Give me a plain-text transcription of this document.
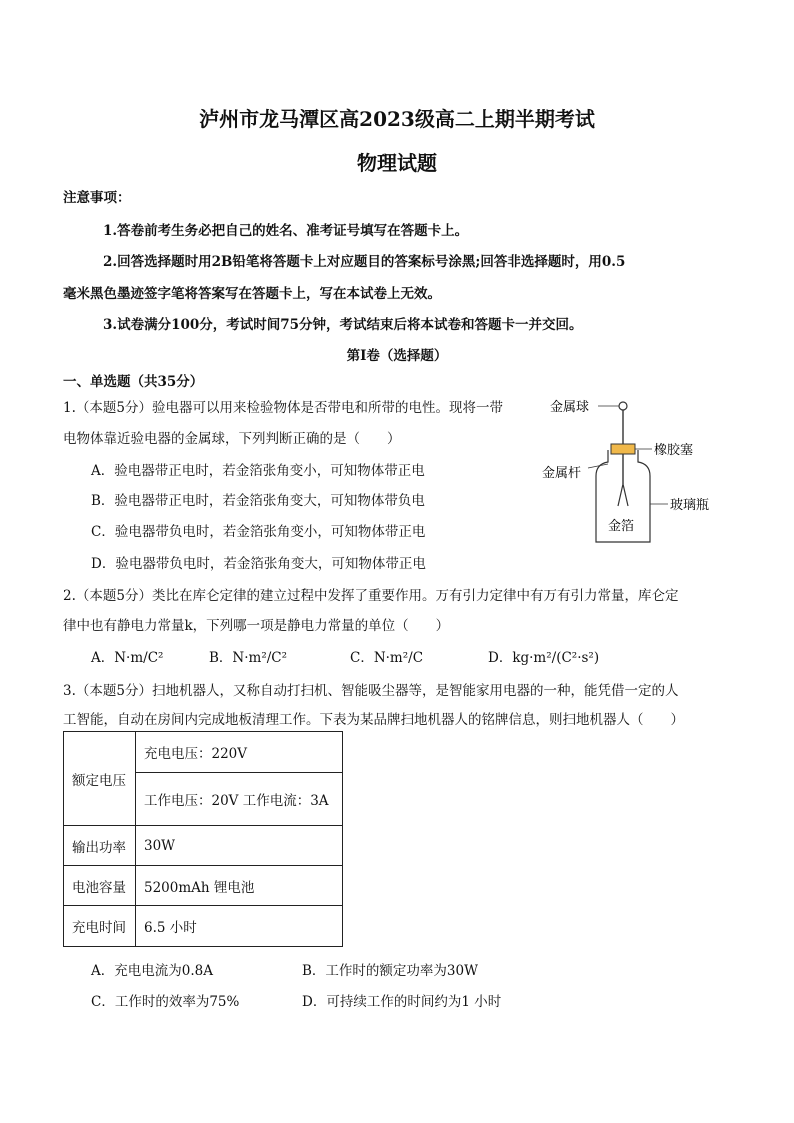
泸州市龙马潭区高2023级高二上期半期考试
物理试题
注意事项：
1.答卷前考生务必把自己的姓名、准考证号填写在答题卡上。
2.回答选择题时用2B铅笔将答题卡上对应题目的答案标号涂黑;回答非选择题时，用0.5
毫米黑色墨迹签字笔将答案写在答题卡上，写在本试卷上无效。
3.试卷满分100分，考试时间75分钟，考试结束后将本试卷和答题卡一并交回。
第Ⅰ卷（选择题）
一、单选题（共35分）
1.（本题5分）验电器可以用来检验物体是否带电和所带的电性。现将一带
电物体靠近验电器的金属球，下列判断正确的是（　　）
A．验电器带正电时，若金箔张角变小，可知物体带正电
B．验电器带正电时，若金箔张角变大，可知物体带负电
C．验电器带负电时，若金箔张角变小，可知物体带正电
D．验电器带负电时，若金箔张角变大，可知物体带正电
金属球
橡胶塞
金属杆
玻璃瓶
金箔
2.（本题5分）类比在库仑定律的建立过程中发挥了重要作用。万有引力定律中有万有引力常量，库仑定
律中也有静电力常量k，下列哪一项是静电力常量的单位（　　）
A．N·m/C²	B．N·m²/C²	C．N·m²/C	D．kg·m²/(C²·s²)
3.（本题5分）扫地机器人，又称自动打扫机、智能吸尘器等，是智能家用电器的一种，能凭借一定的人
工智能，自动在房间内完成地板清理工作。下表为某品牌扫地机器人的铭牌信息，则扫地机器人（　　）
额定电压	充电电压：220V
	工作电压：20V 工作电流：3A
输出功率	30W
电池容量	5200mAh 锂电池
充电时间	6.5 小时
A．充电电流为0.8A	B．工作时的额定功率为30W
C．工作时的效率为75%	D．可持续工作的时间约为1 小时
